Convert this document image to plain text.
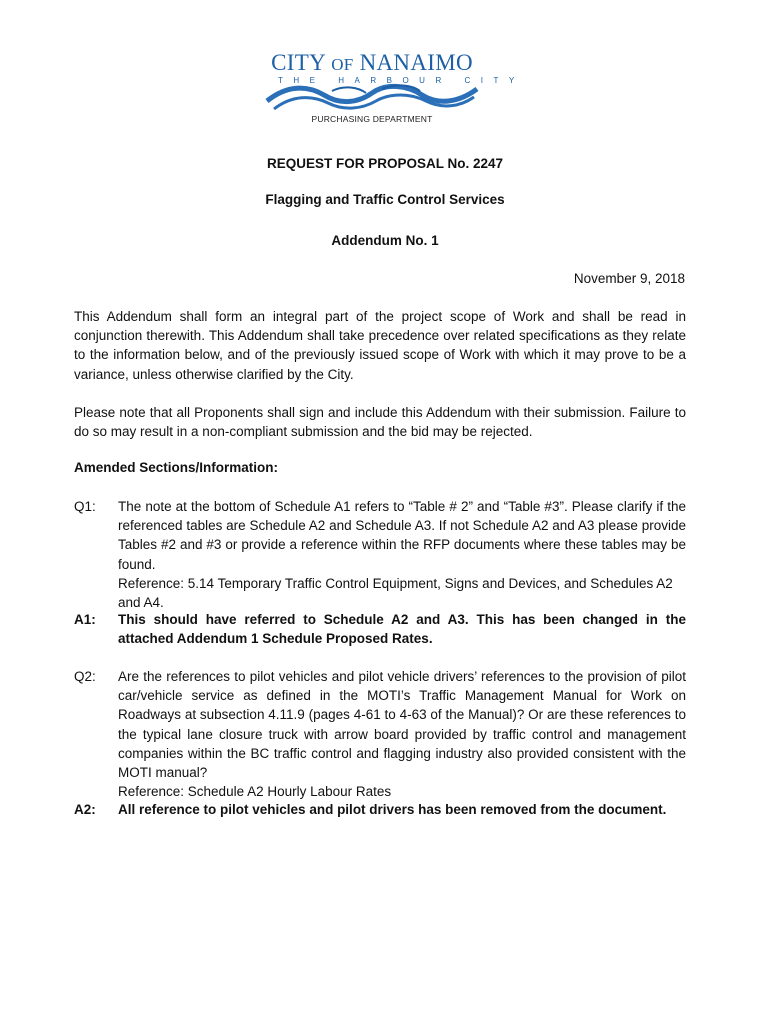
CITY OF NANAIMO
THE HARBOUR CITY
PURCHASING DEPARTMENT
REQUEST FOR PROPOSAL No. 2247
Flagging and Traffic Control Services
Addendum No. 1
November 9, 2018
This Addendum shall form an integral part of the project scope of Work and shall be read in conjunction therewith. This Addendum shall take precedence over related specifications as they relate to the information below, and of the previously issued scope of Work with which it may prove to be a variance, unless otherwise clarified by the City.
Please note that all Proponents shall sign and include this Addendum with their submission. Failure to do so may result in a non-compliant submission and the bid may be rejected.
Amended Sections/Information:
Q1:	The note at the bottom of Schedule A1 refers to “Table # 2” and “Table #3”. Please clarify if the referenced tables are Schedule A2 and Schedule A3. If not Schedule A2 and A3 please provide Tables #2 and #3 or provide a reference within the RFP documents where these tables may be found.
Reference: 5.14 Temporary Traffic Control Equipment, Signs and Devices, and Schedules A2 and A4.
A1:	This should have referred to Schedule A2 and A3. This has been changed in the attached Addendum 1 Schedule Proposed Rates.
Q2:	Are the references to pilot vehicles and pilot vehicle drivers’ references to the provision of pilot car/vehicle service as defined in the MOTI’s Traffic Management Manual for Work on Roadways at subsection 4.11.9 (pages 4-61 to 4-63 of the Manual)? Or are these references to the typical lane closure truck with arrow board provided by traffic control and management companies within the BC traffic control and flagging industry also provided consistent with the MOTI manual?
Reference: Schedule A2 Hourly Labour Rates
A2:	All reference to pilot vehicles and pilot drivers has been removed from the document.
